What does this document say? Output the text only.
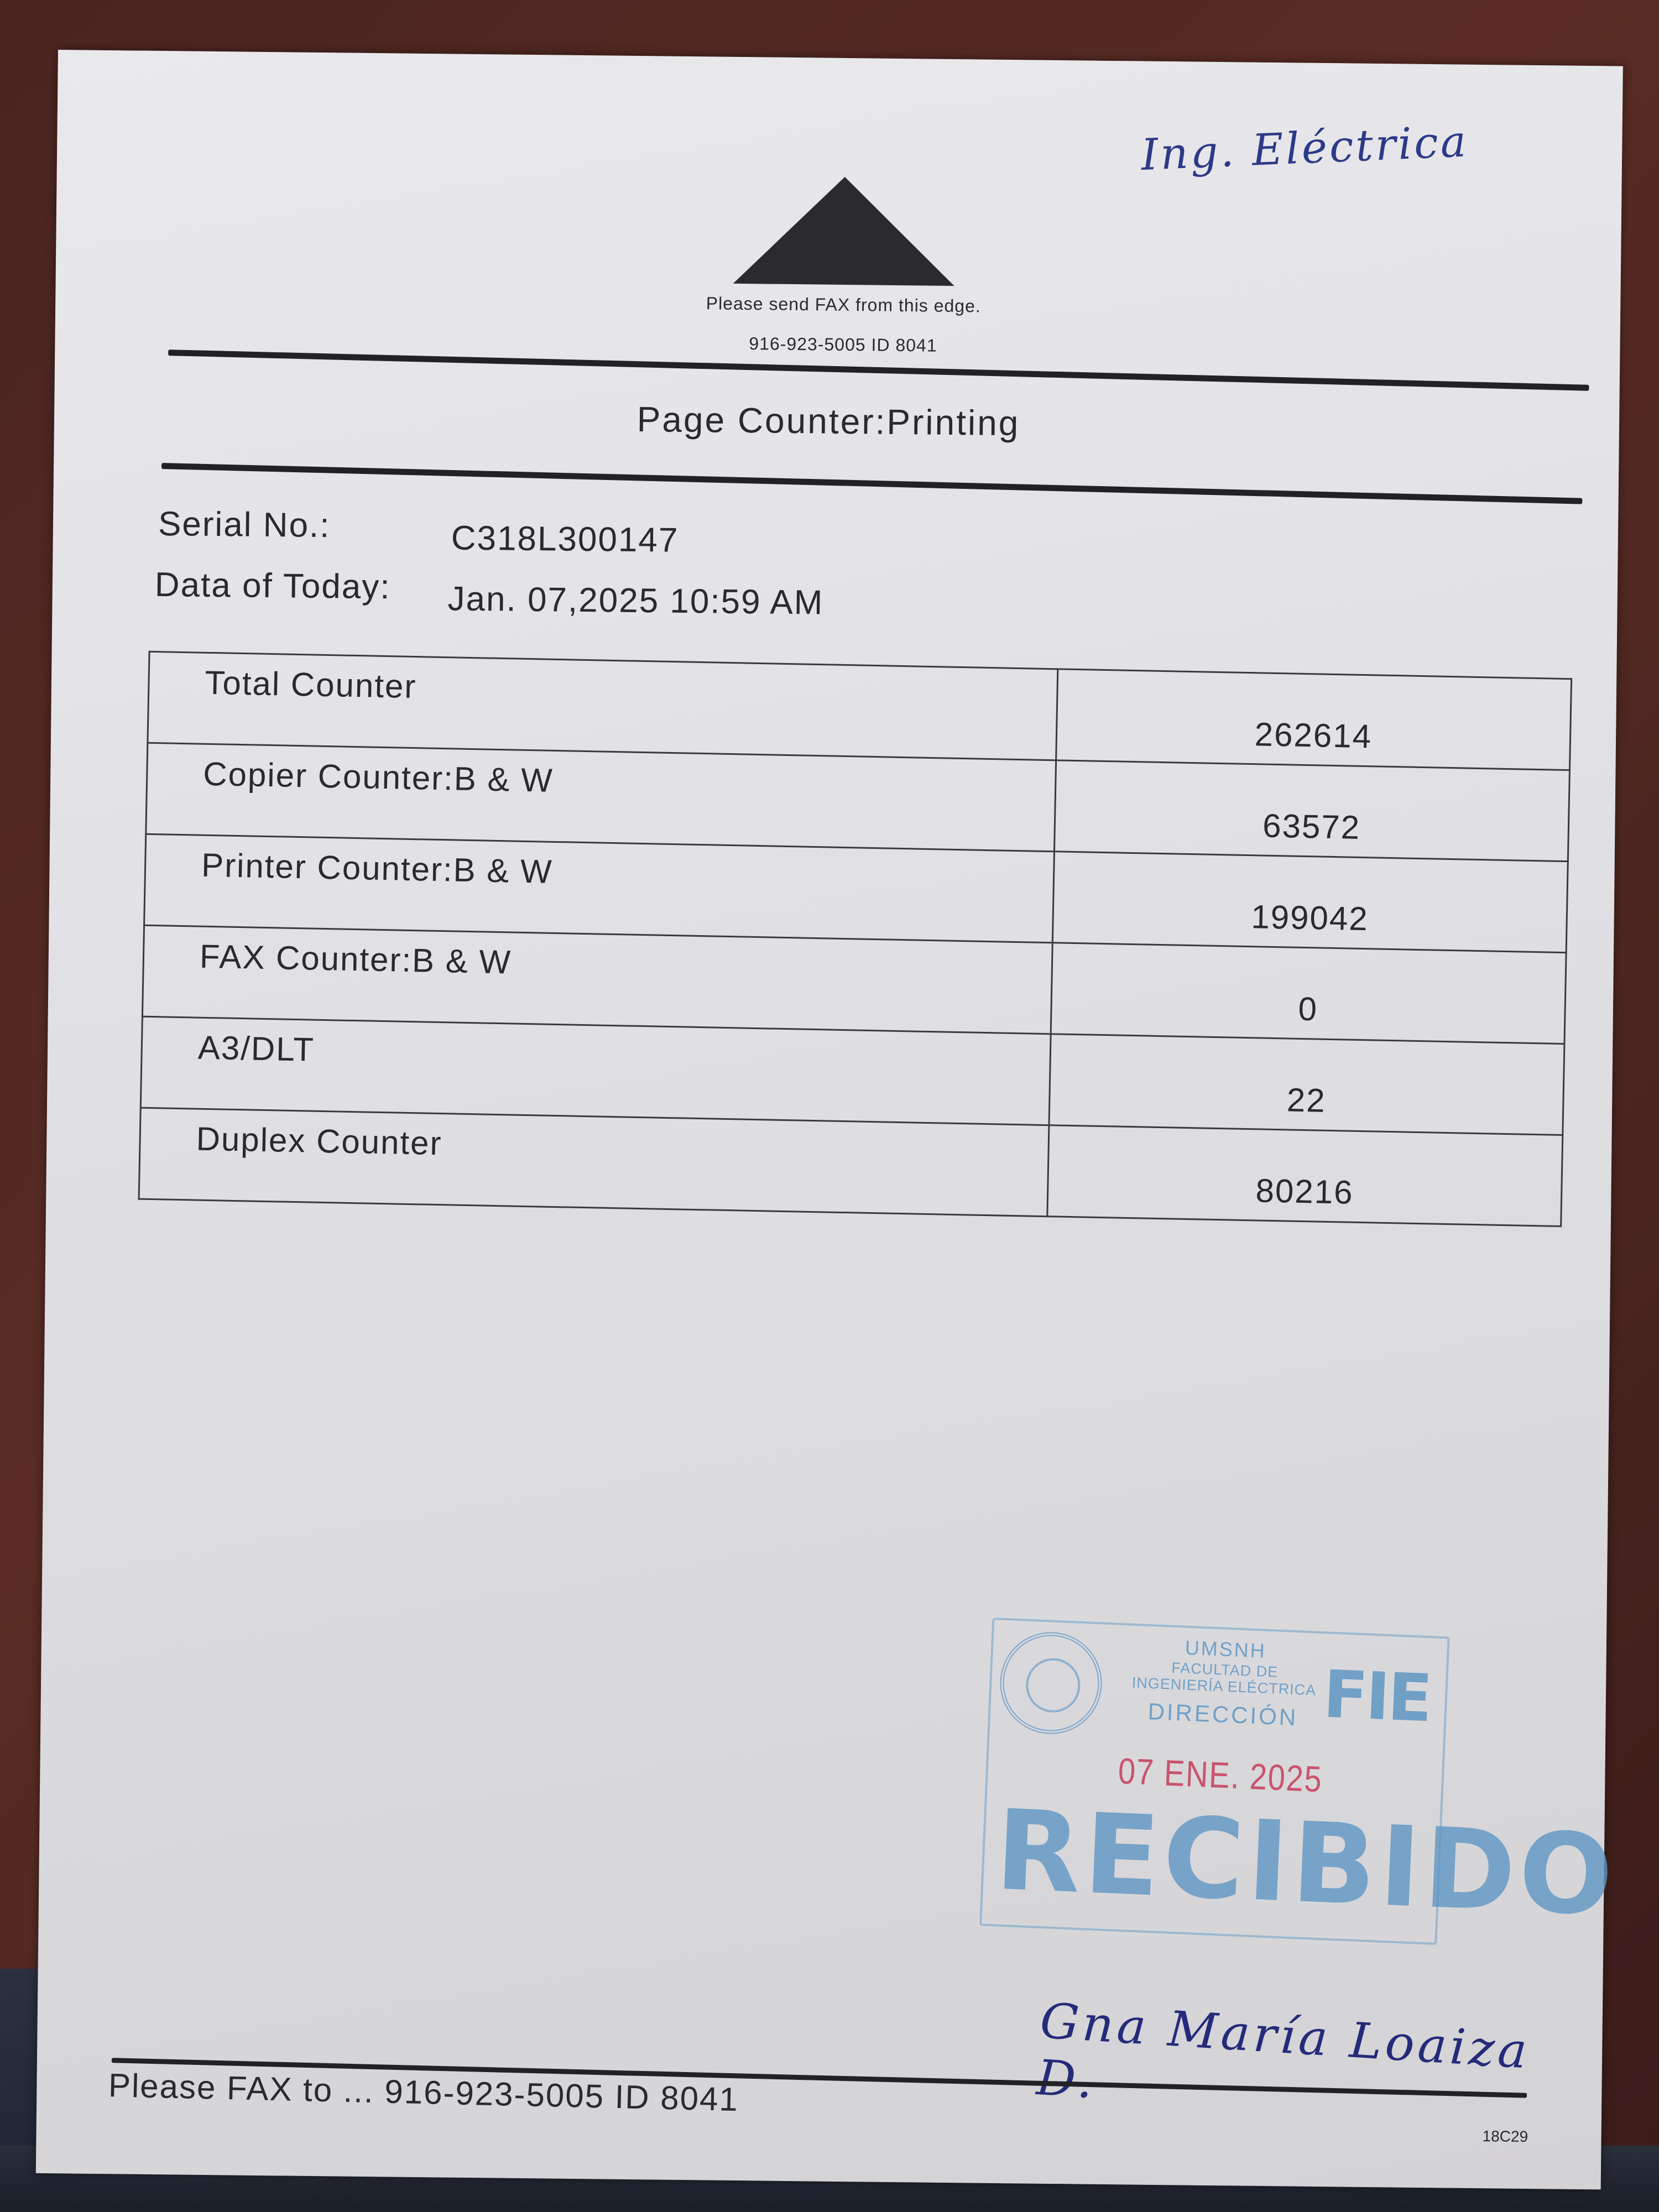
Ing. Eléctrica
Please send FAX from this edge.
916-923-5005 ID 8041
Page Counter:Printing
Serial No.:	C318L300147
Data of Today: Jan. 07,2025 10:59 AM
Total Counter	262614
Copier Counter:B & W	63572
Printer Counter:B & W	199042
FAX Counter:B & W	0
A3/DLT	22
Duplex Counter	80216
UMSNH
FACULTAD DE
INGENIERÍA ELÉCTRICA
DIRECCIÓN FIE
07 ENE. 2025
RECIBIDO
Gna María Loaiza D.
Please FAX to ... 916-923-5005 ID 8041
18C29
